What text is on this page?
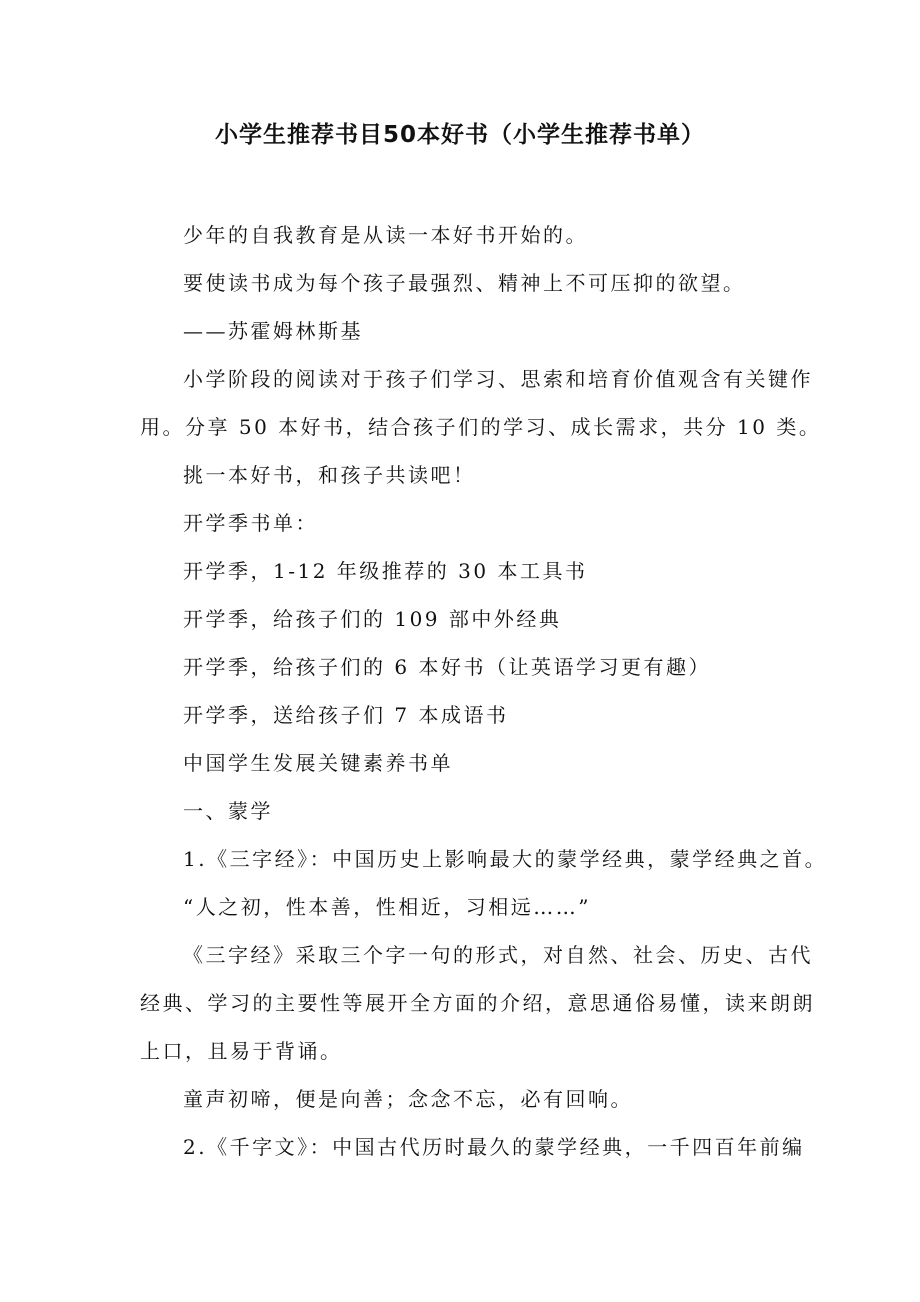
小学生推荐书目50本好书（小学生推荐书单）
少年的自我教育是从读一本好书开始的。
要使读书成为每个孩子最强烈、精神上不可压抑的欲望。
——苏霍姆林斯基
小学阶段的阅读对于孩子们学习、思索和培育价值观含有关键作
用。分享 50 本好书，结合孩子们的学习、成长需求，共分 10 类。
挑一本好书，和孩子共读吧！
开学季书单：
开学季，1-12 年级推荐的 30 本工具书
开学季，给孩子们的 109 部中外经典
开学季，给孩子们的 6 本好书（让英语学习更有趣）
开学季，送给孩子们 7 本成语书
中国学生发展关键素养书单
一、蒙学
1.《三字经》：中国历史上影响最大的蒙学经典，蒙学经典之首。
“人之初，性本善，性相近，习相远……”
《三字经》采取三个字一句的形式，对自然、社会、历史、古代
经典、学习的主要性等展开全方面的介绍，意思通俗易懂，读来朗朗
上口，且易于背诵。
童声初啼，便是向善；念念不忘，必有回响。
2.《千字文》：中国古代历时最久的蒙学经典，一千四百年前编
